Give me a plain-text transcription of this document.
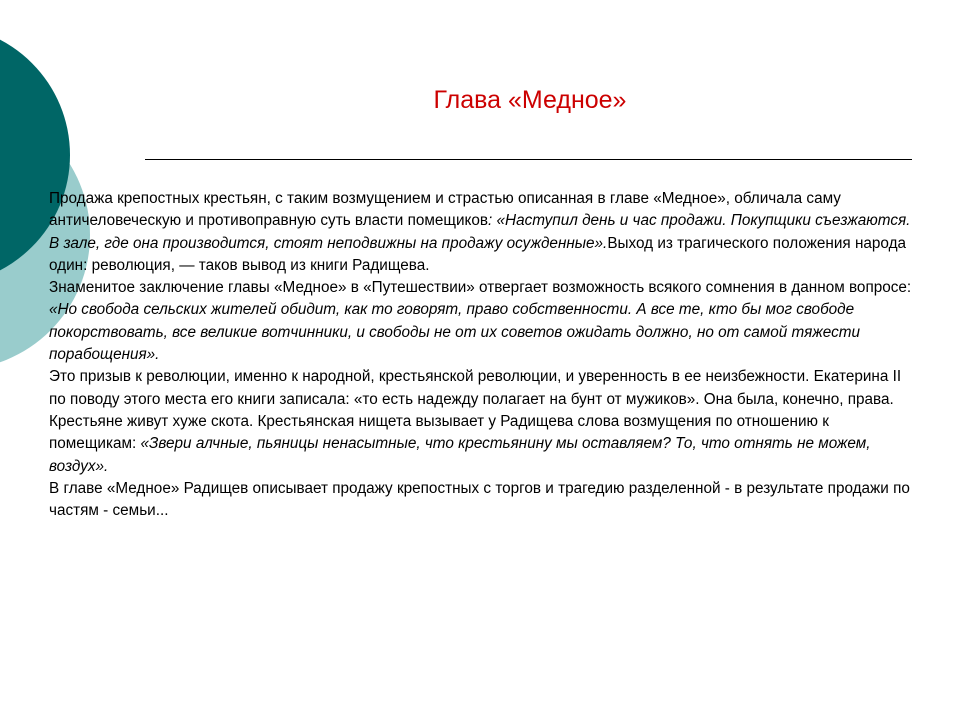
Глава «Медное»

Продажа крепостных крестьян, с таким возмущением и страстью описанная в главе «Медное», обличала саму античеловеческую и противоправную суть власти помещиков: «Наступил день и час продажи. Покупщики съезжаются. В зале, где она производится, стоят неподвижны на продажу осужденные».Выход из трагического положения народа один: революция, — таков вывод из книги Радищева.

Знаменитое заключение главы «Медное» в «Путешествии» отвергает возможность всякого сомнения в данном вопросе: «Но свобода сельских жителей обидит, как то говорят, право собственности. А все те, кто бы мог свободе покорствовать, все великие вотчинники, и свободы не от их советов ожидать должно, но от самой тяжести порабощения».

Это призыв к революции, именно к народной, крестьянской революции, и уверенность в ее неизбежности. Екатерина II по поводу этого места его книги записала: «то есть надежду полагает на бунт от мужиков». Она была, конечно, права.

Крестьяне живут хуже скота. Крестьянская нищета вызывает у Радищева слова возмущения по отношению к помещикам: «Звери алчные, пьяницы ненасытные, что крестьянину мы оставляем? То, что отнять не можем, воздух».

В главе «Медное» Радищев описывает продажу крепостных с торгов и трагедию разделенной - в результате продажи по частям - семьи...
